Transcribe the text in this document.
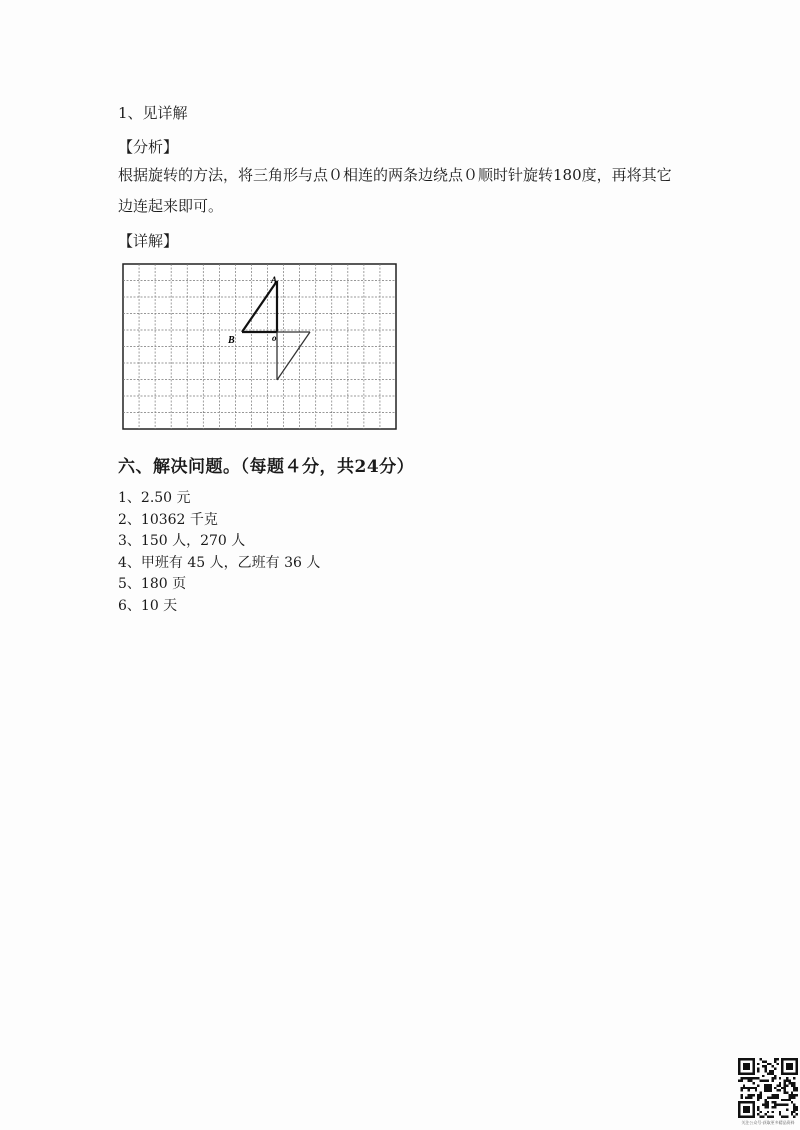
1、见详解
【分析】
根据旋转的方法，将三角形与点０相连的两条边绕点０顺时针旋转180度，再将其它边连起来即可。
【详解】
A
B	o
六、解决问题。（每题４分，共24分）
1、2.50 元
2、10362 千克
3、150 人，270 人
4、甲班有 45 人，乙班有 36 人
5、180 页
6、10 天
关注公众号·获取更多精品资料
